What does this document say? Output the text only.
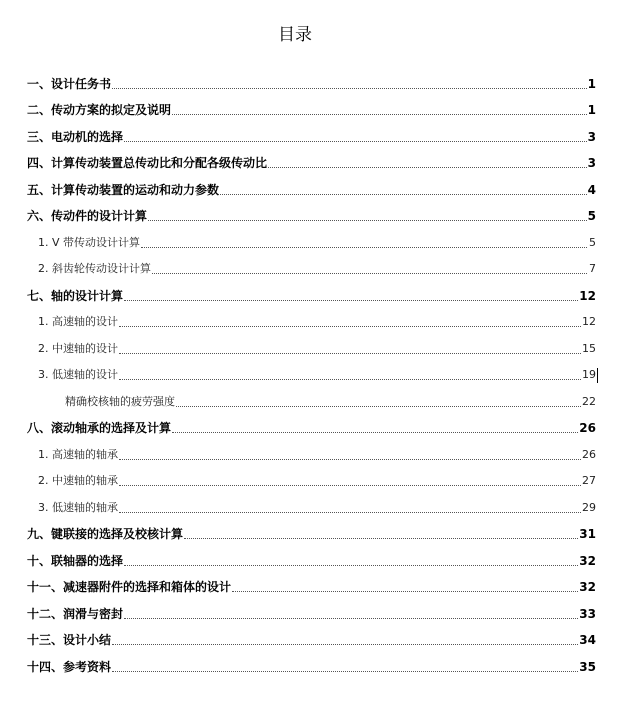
目录
一、设计任务书	1
二、传动方案的拟定及说明	1
三、电动机的选择	3
四、计算传动装置总传动比和分配各级传动比	3
五、计算传动装置的运动和动力参数	4
六、传动件的设计计算	5
1. V 带传动设计计算	5
2. 斜齿轮传动设计计算	7
七、轴的设计计算	12
1. 高速轴的设计	12
2. 中速轴的设计	15
3. 低速轴的设计	19
精确校核轴的疲劳强度	22
八、滚动轴承的选择及计算	26
1. 高速轴的轴承	26
2. 中速轴的轴承	27
3. 低速轴的轴承	29
九、键联接的选择及校核计算	31
十、联轴器的选择	32
十一、减速器附件的选择和箱体的设计	32
十二、润滑与密封	33
十三、设计小结	34
十四、参考资料	35
